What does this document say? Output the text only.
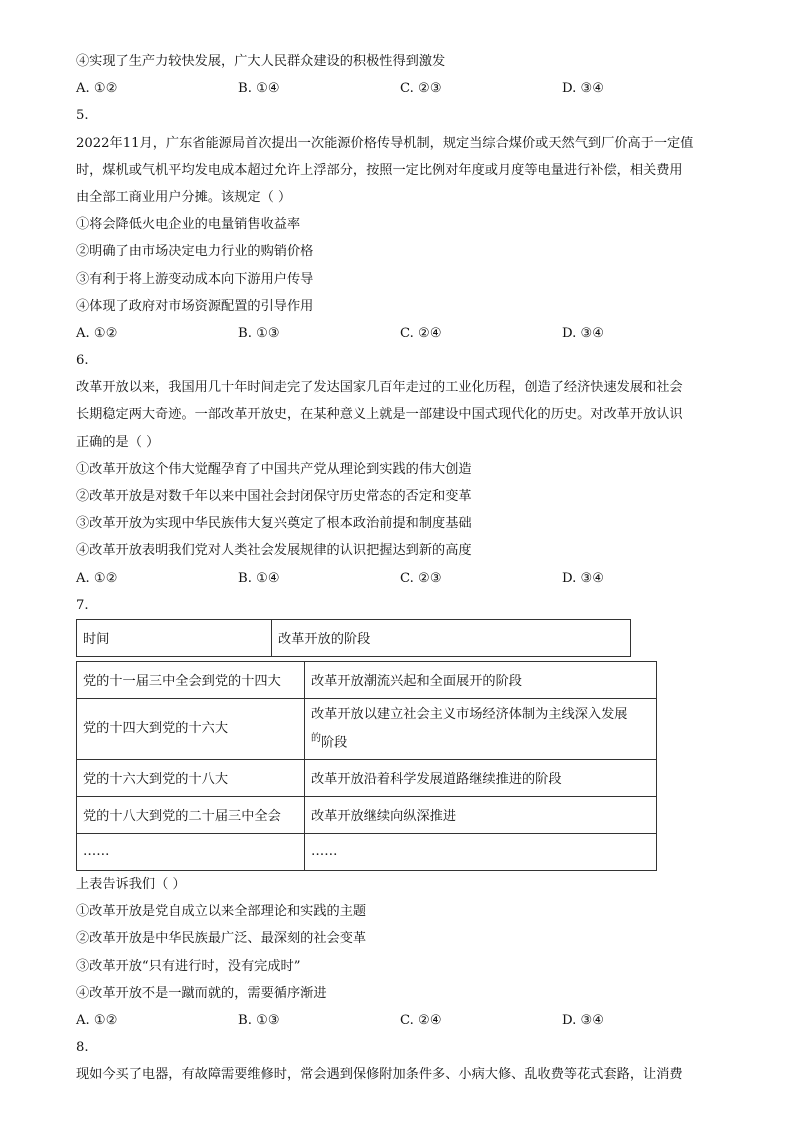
④实现了生产力较快发展，广大人民群众建设的积极性得到激发
A. ①②	B. ①④	C. ②③	D. ③④
5.
2022年11月，广东省能源局首次提出一次能源价格传导机制，规定当综合煤价或天然气到厂价高于一定值
时，煤机或气机平均发电成本超过允许上浮部分，按照一定比例对年度或月度等电量进行补偿，相关费用
由全部工商业用户分摊。该规定（ ）
①将会降低火电企业的电量销售收益率
②明确了由市场决定电力行业的购销价格
③有利于将上游变动成本向下游用户传导
④体现了政府对市场资源配置的引导作用
A. ①②	B. ①③	C. ②④	D. ③④
6.
改革开放以来，我国用几十年时间走完了发达国家几百年走过的工业化历程，创造了经济快速发展和社会
长期稳定两大奇迹。一部改革开放史，在某种意义上就是一部建设中国式现代化的历史。对改革开放认识
正确的是（ ）
①改革开放这个伟大觉醒孕育了中国共产党从理论到实践的伟大创造
②改革开放是对数千年以来中国社会封闭保守历史常态的否定和变革
③改革开放为实现中华民族伟大复兴奠定了根本政治前提和制度基础
④改革开放表明我们党对人类社会发展规律的认识把握达到新的高度
A. ①②	B. ①④	C. ②③	D. ③④
7.
时间	改革开放的阶段
党的十一届三中全会到党的十四大	改革开放潮流兴起和全面展开的阶段
党的十四大到党的十六大	改革开放以建立社会主义市场经济体制为主线深入发展
$^的$阶段

党的十六大到党的十八大	改革开放沿着科学发展道路继续推进的阶段
党的十八大到党的二十届三中全会	改革开放继续向纵深推进
……	……
上表告诉我们（ ）
①改革开放是党自成立以来全部理论和实践的主题
②改革开放是中华民族最广泛、最深刻的社会变革
③改革开放“只有进行时，没有完成时”
④改革开放不是一蹴而就的，需要循序渐进
A. ①②	B. ①③	C. ②④	D. ③④
8.
现如今买了电器，有故障需要维修时，常会遇到保修附加条件多、小病大修、乱收费等花式套路，让消费
